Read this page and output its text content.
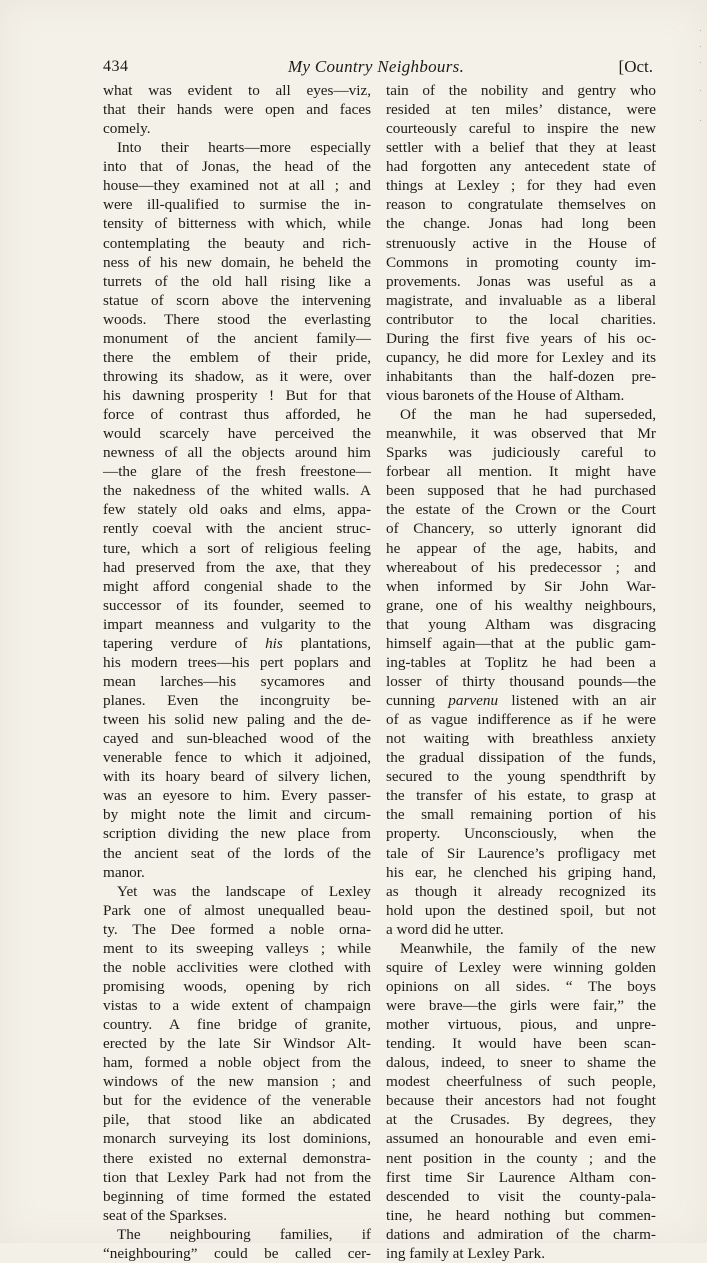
434	My Country Neighbours.	[Oct.
what was evident to all eyes—viz,
that their hands were open and faces
comely.
Into their hearts—more especially
into that of Jonas, the head of the
house—they examined not at all ; and
were ill-qualified to surmise the in-
tensity of bitterness with which, while
contemplating the beauty and rich-
ness of his new domain, he beheld the
turrets of the old hall rising like a
statue of scorn above the intervening
woods. There stood the everlasting
monument of the ancient family—
there the emblem of their pride,
throwing its shadow, as it were, over
his dawning prosperity ! But for that
force of contrast thus afforded, he
would scarcely have perceived the
newness of all the objects around him
—the glare of the fresh freestone—
the nakedness of the whited walls. A
few stately old oaks and elms, appa-
rently coeval with the ancient struc-
ture, which a sort of religious feeling
had preserved from the axe, that they
might afford congenial shade to the
successor of its founder, seemed to
impart meanness and vulgarity to the
tapering verdure of his plantations,
his modern trees—his pert poplars and
mean larches—his sycamores and
planes. Even the incongruity be-
tween his solid new paling and the de-
cayed and sun-bleached wood of the
venerable fence to which it adjoined,
with its hoary beard of silvery lichen,
was an eyesore to him. Every passer-
by might note the limit and circum-
scription dividing the new place from
the ancient seat of the lords of the
manor.
Yet was the landscape of Lexley
Park one of almost unequalled beau-
ty. The Dee formed a noble orna-
ment to its sweeping valleys ; while
the noble acclivities were clothed with
promising woods, opening by rich
vistas to a wide extent of champaign
country. A fine bridge of granite,
erected by the late Sir Windsor Alt-
ham, formed a noble object from the
windows of the new mansion ; and
but for the evidence of the venerable
pile, that stood like an abdicated
monarch surveying its lost dominions,
there existed no external demonstra-
tion that Lexley Park had not from the
beginning of time formed the estated
seat of the Sparkses.
The neighbouring families, if
“neighbouring” could be called cer-
tain of the nobility and gentry who
resided at ten miles’ distance, were
courteously careful to inspire the new
settler with a belief that they at least
had forgotten any antecedent state of
things at Lexley ; for they had even
reason to congratulate themselves on
the change. Jonas had long been
strenuously active in the House of
Commons in promoting county im-
provements. Jonas was useful as a
magistrate, and invaluable as a liberal
contributor to the local charities.
During the first five years of his oc-
cupancy, he did more for Lexley and its
inhabitants than the half-dozen pre-
vious baronets of the House of Altham.
Of the man he had superseded,
meanwhile, it was observed that Mr
Sparks was judiciously careful to
forbear all mention. It might have
been supposed that he had purchased
the estate of the Crown or the Court
of Chancery, so utterly ignorant did
he appear of the age, habits, and
whereabout of his predecessor ; and
when informed by Sir John War-
grane, one of his wealthy neighbours,
that young Altham was disgracing
himself again—that at the public gam-
ing-tables at Toplitz he had been a
losser of thirty thousand pounds—the
cunning parvenu listened with an air
of as vague indifference as if he were
not waiting with breathless anxiety
the gradual dissipation of the funds,
secured to the young spendthrift by
the transfer of his estate, to grasp at
the small remaining portion of his
property. Unconsciously, when the
tale of Sir Laurence’s profligacy met
his ear, he clenched his griping hand,
as though it already recognized its
hold upon the destined spoil, but not
a word did he utter.
Meanwhile, the family of the new
squire of Lexley were winning golden
opinions on all sides. “ The boys
were brave—the girls were fair,” the
mother virtuous, pious, and unpre-
tending. It would have been scan-
dalous, indeed, to sneer to shame the
modest cheerfulness of such people,
because their ancestors had not fought
at the Crusades. By degrees, they
assumed an honourable and even emi-
nent position in the county ; and the
first time Sir Laurence Altham con-
descended to visit the county-pala-
tine, he heard nothing but commen-
dations and admiration of the charm-
ing family at Lexley Park.
